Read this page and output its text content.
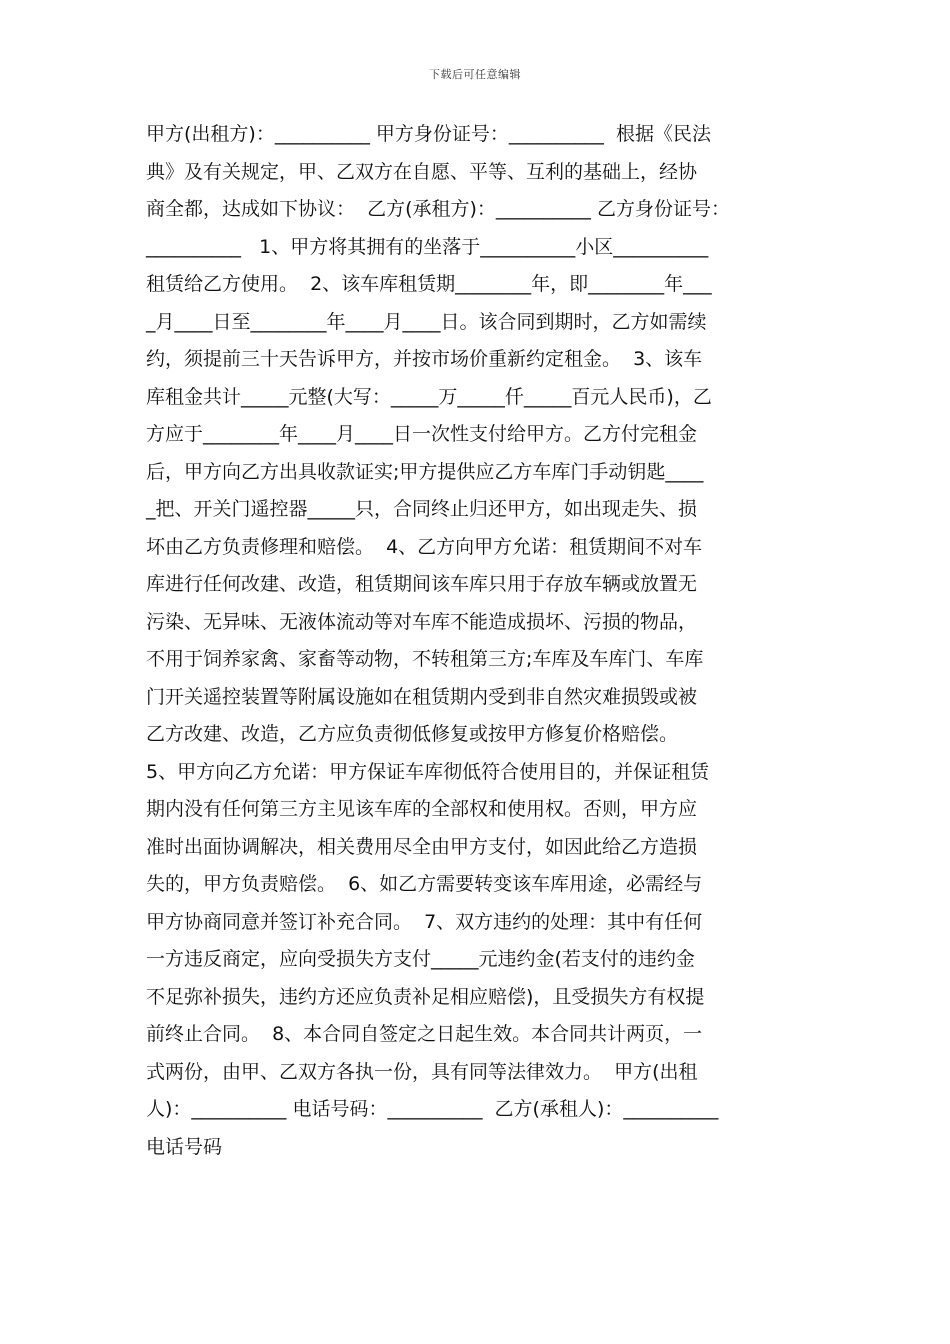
下载后可任意编辑
甲方(出租方)：__________ 甲方身份证号：__________  根据《民法
典》及有关规定，甲、乙双方在自愿、平等、互利的基础上，经协
商全都，达成如下协议：  乙方(承租方)：__________ 乙方身份证号：
__________   1、甲方将其拥有的坐落于__________小区__________
租赁给乙方使用。  2、该车库租赁期________年，即________年___
_月____日至________年____月____日。该合同到期时，乙方如需续
约，须提前三十天告诉甲方，并按市场价重新约定租金。  3、该车
库租金共计_____元整(大写：_____万_____仟_____百元人民币)，乙
方应于________年____月____日一次性支付给甲方。乙方付完租金
后，甲方向乙方出具收款证实;甲方提供应乙方车库门手动钥匙____
_把、开关门遥控器_____只，合同终止归还甲方，如出现走失、损
坏由乙方负责修理和赔偿。  4、乙方向甲方允诺：租赁期间不对车
库进行任何改建、改造，租赁期间该车库只用于存放车辆或放置无
污染、无异味、无液体流动等对车库不能造成损坏、污损的物品，
不用于饲养家禽、家畜等动物，不转租第三方;车库及车库门、车库
门开关遥控装置等附属设施如在租赁期内受到非自然灾难损毁或被
乙方改建、改造，乙方应负责彻低修复或按甲方修复价格赔偿。
5、甲方向乙方允诺：甲方保证车库彻低符合使用目的，并保证租赁
期内没有任何第三方主见该车库的全部权和使用权。否则，甲方应
准时出面协调解决，相关费用尽全由甲方支付，如因此给乙方造损
失的，甲方负责赔偿。  6、如乙方需要转变该车库用途，必需经与
甲方协商同意并签订补充合同。  7、双方违约的处理：其中有任何
一方违反商定，应向受损失方支付_____元违约金(若支付的违约金
不足弥补损失，违约方还应负责补足相应赔偿)，且受损失方有权提
前终止合同。  8、本合同自签定之日起生效。本合同共计两页，一
式两份，由甲、乙双方各执一份，具有同等法律效力。  甲方(出租
人)：__________ 电话号码：__________  乙方(承租人)：__________
电话号码
